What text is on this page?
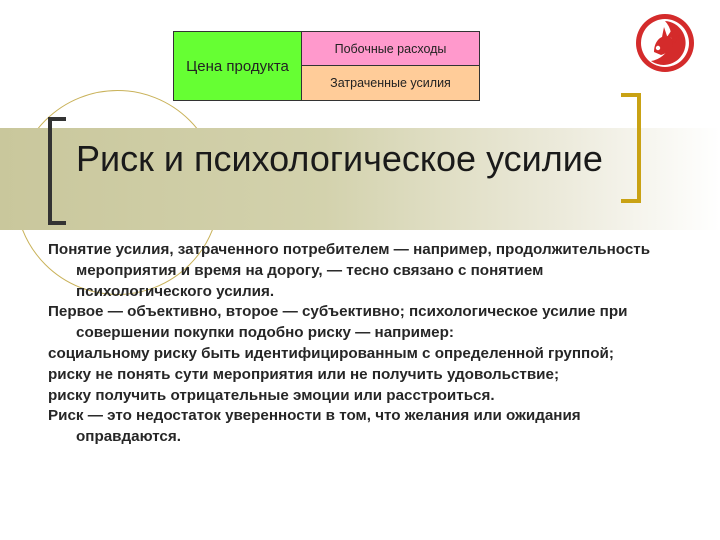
Риск и психологическое усилие
Цена продукта
Побочные расходы
Затраченные усилия
Понятие усилия, затраченного потребителем — например, продолжительность мероприятия и время на дорогу, — тесно связано с понятием психологического усилия.
Первое — объективно, второе — субъективно; психологическое усилие при совершении покупки подобно риску — например:
социальному риску быть идентифицированным с определенной группой;
риску не понять сути мероприятия или не получить удовольствие;
риску получить отрицательные эмоции или расстроиться.
Риск — это недостаток уверенности в том, что желания или ожидания оправдаются.
